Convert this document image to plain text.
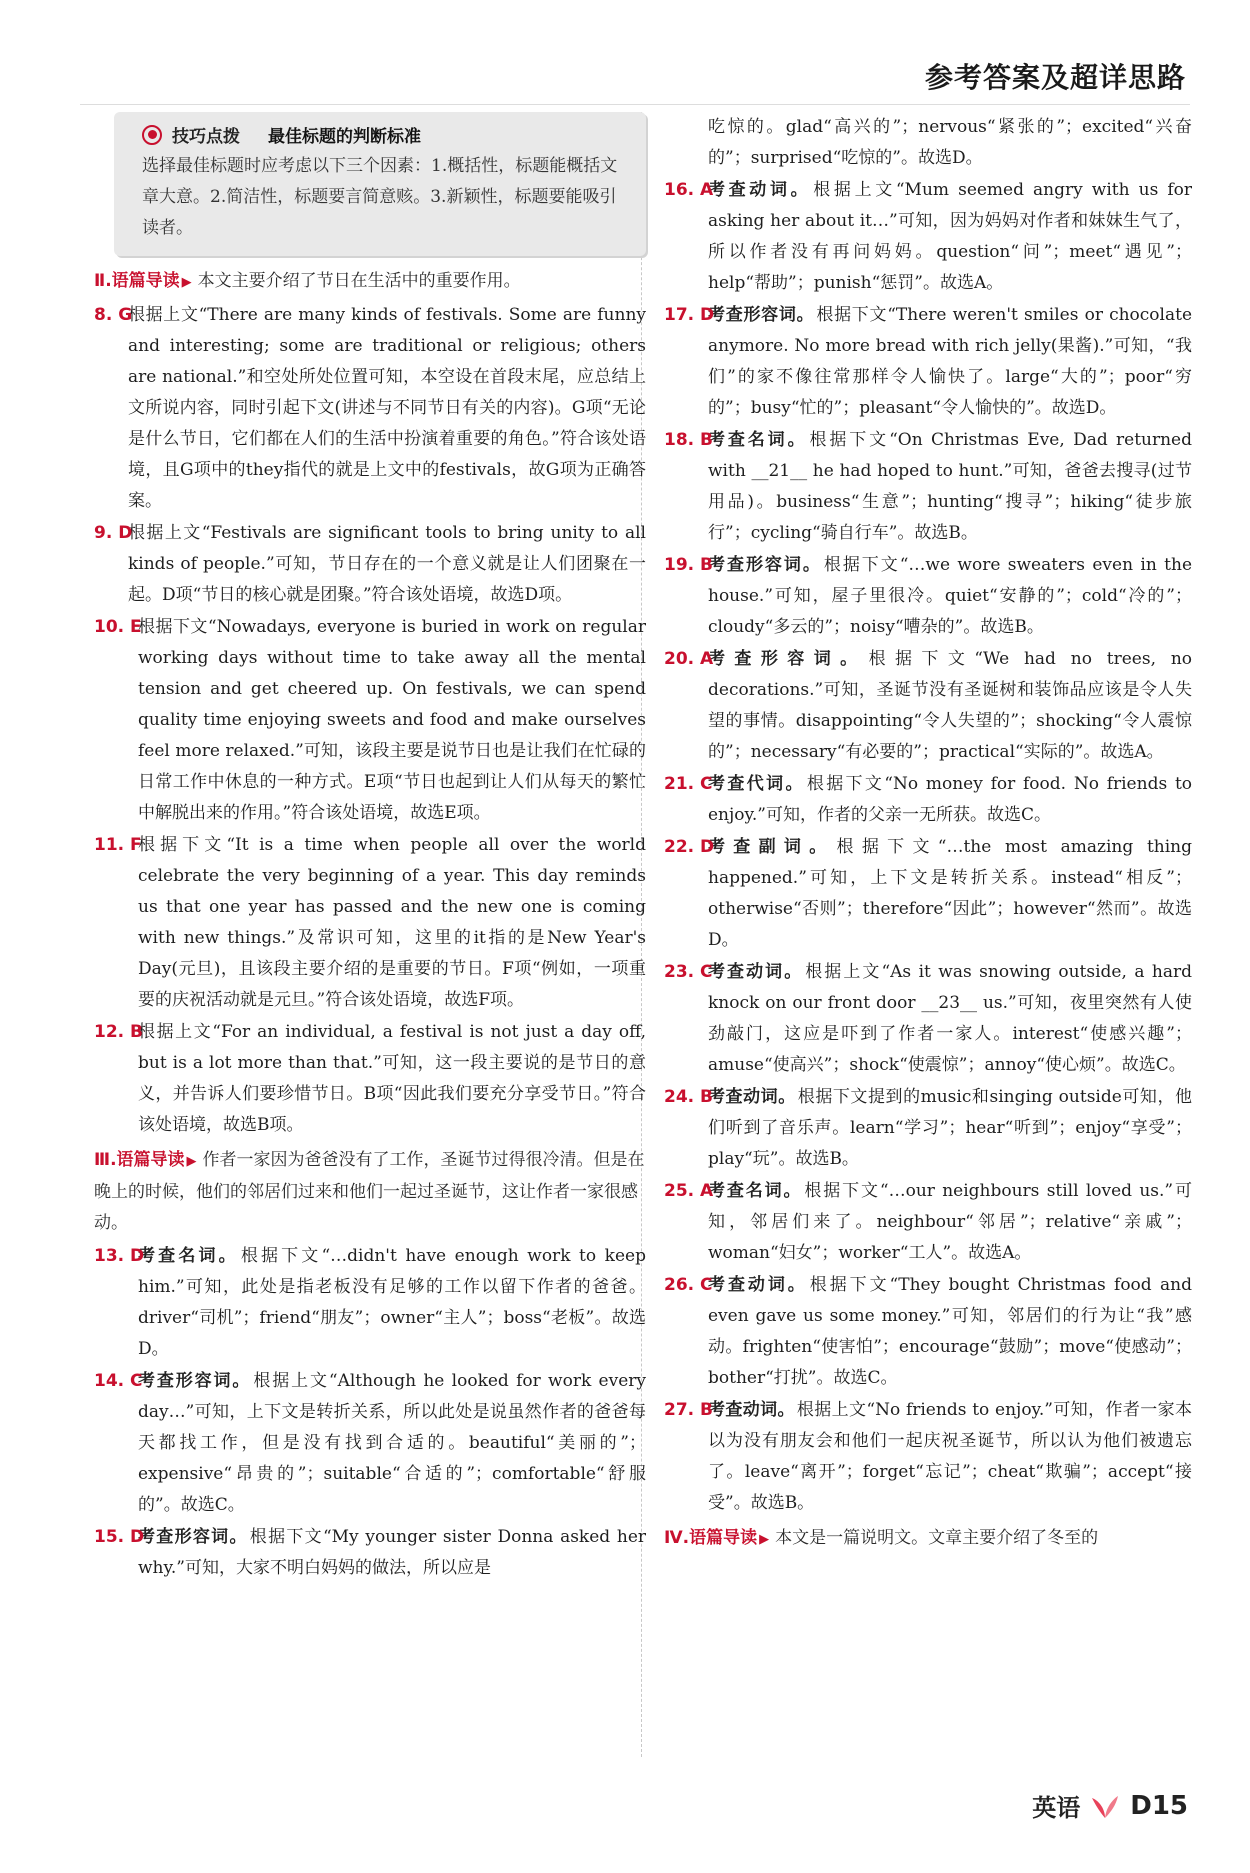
参考答案及超详思路
技巧点拨 最佳标题的判断标准
选择最佳标题时应考虑以下三个因素：1.概括性，标题能概括文章大意。2.简洁性，标题要言简意赅。3.新颖性，标题要能吸引读者。
Ⅱ.语篇导读 ▶ 本文主要介绍了节日在生活中的重要作用。
8. G
根据上文“There are many kinds of festivals. Some are funny and interesting; some are traditional or religious; others are national.”和空处所处位置可知，本空设在首段末尾，应总结上文所说内容，同时引起下文(讲述与不同节日有关的内容)。G项“无论是什么节日，它们都在人们的生活中扮演着重要的角色。”符合该处语境，且G项中的they指代的就是上文中的festivals，故G项为正确答案。
9. D
根据上文“Festivals are significant tools to bring unity to all kinds of people.”可知，节日存在的一个意义就是让人们团聚在一起。D项“节日的核心就是团聚。”符合该处语境，故选D项。
10. E
根据下文“Nowadays, everyone is buried in work on regular working days without time to take away all the mental tension and get cheered up. On festivals, we can spend quality time enjoying sweets and food and make ourselves feel more relaxed.”可知，该段主要是说节日也是让我们在忙碌的日常工作中休息的一种方式。E项“节日也起到让人们从每天的繁忙中解脱出来的作用。”符合该处语境，故选E项。
11. F
根据下文“It is a time when people all over the world celebrate the very beginning of a year. This day reminds us that one year has passed and the new one is coming with new things.”及常识可知，这里的it指的是New Year's Day(元旦)，且该段主要介绍的是重要的节日。F项“例如，一项重要的庆祝活动就是元旦。”符合该处语境，故选F项。
12. B
根据上文“For an individual, a festival is not just a day off, but is a lot more than that.”可知，这一段主要说的是节日的意义，并告诉人们要珍惜节日。B项“因此我们要充分享受节日。”符合该处语境，故选B项。
Ⅲ.语篇导读 ▶ 作者一家因为爸爸没有了工作，圣诞节过得很冷清。但是在晚上的时候，他们的邻居们过来和他们一起过圣诞节，这让作者一家很感动。
13. D
考查名词。 根据下文“…didn't have enough work to keep him.”可知，此处是指老板没有足够的工作以留下作者的爸爸。driver“司机”；friend“朋友”；owner“主人”；boss“老板”。故选D。
14. C
考查形容词。 根据上文“Although he looked for work every day…”可知，上下文是转折关系，所以此处是说虽然作者的爸爸每天都找工作，但是没有找到合适的。beautiful“美丽的”；expensive“昂贵的”；suitable“合适的”；comfortable“舒服的”。故选C。
15. D
考查形容词。 根据下文“My younger sister Donna asked her why.”可知，大家不明白妈妈的做法，所以应是
吃惊的。glad“高兴的”；nervous“紧张的”；excited“兴奋的”；surprised“吃惊的”。故选D。
16. A
考查动词。 根据上文“Mum seemed angry with us for asking her about it…”可知，因为妈妈对作者和妹妹生气了，所以作者没有再问妈妈。question“问”；meet“遇见”；help“帮助”；punish“惩罚”。故选A。
17. D
考查形容词。 根据下文“There weren't smiles or chocolate anymore. No more bread with rich jelly(果酱).”可知，“我们”的家不像往常那样令人愉快了。large“大的”；poor“穷的”；busy“忙的”；pleasant“令人愉快的”。故选D。
18. B
考查名词。 根据下文“On Christmas Eve, Dad returned with __21__ he had hoped to hunt.”可知，爸爸去搜寻(过节用品)。business“生意”；hunting“搜寻”；hiking“徒步旅行”；cycling“骑自行车”。故选B。
19. B
考查形容词。 根据下文“…we wore sweaters even in the house.”可知，屋子里很冷。quiet“安静的”；cold“冷的”；cloudy“多云的”；noisy“嘈杂的”。故选B。
20. A
考查形容词。 根据下文“We had no trees, no decorations.”可知，圣诞节没有圣诞树和装饰品应该是令人失望的事情。disappointing“令人失望的”；shocking“令人震惊的”；necessary“有必要的”；practical“实际的”。故选A。
21. C
考查代词。 根据下文“No money for food. No friends to enjoy.”可知，作者的父亲一无所获。故选C。
22. D
考查副词。 根据下文“…the most amazing thing happened.”可知，上下文是转折关系。instead“相反”；otherwise“否则”；therefore“因此”；however“然而”。故选D。
23. C
考查动词。 根据上文“As it was snowing outside, a hard knock on our front door __23__ us.”可知，夜里突然有人使劲敲门，这应是吓到了作者一家人。interest“使感兴趣”；amuse“使高兴”；shock“使震惊”；annoy“使心烦”。故选C。
24. B
考查动词。 根据下文提到的music和singing outside可知，他们听到了音乐声。learn“学习”；hear“听到”；enjoy“享受”；play“玩”。故选B。
25. A
考查名词。 根据下文“…our neighbours still loved us.”可知，邻居们来了。neighbour“邻居”；relative“亲戚”；woman“妇女”；worker“工人”。故选A。
26. C
考查动词。 根据下文“They bought Christmas food and even gave us some money.”可知，邻居们的行为让“我”感动。frighten“使害怕”；encourage“鼓励”；move“使感动”；bother“打扰”。故选C。
27. B
考查动词。 根据上文“No friends to enjoy.”可知，作者一家本以为没有朋友会和他们一起庆祝圣诞节，所以认为他们被遗忘了。leave“离开”；forget“忘记”；cheat“欺骗”；accept“接受”。故选B。
Ⅳ.语篇导读 ▶ 本文是一篇说明文。文章主要介绍了冬至的
英语 D15
